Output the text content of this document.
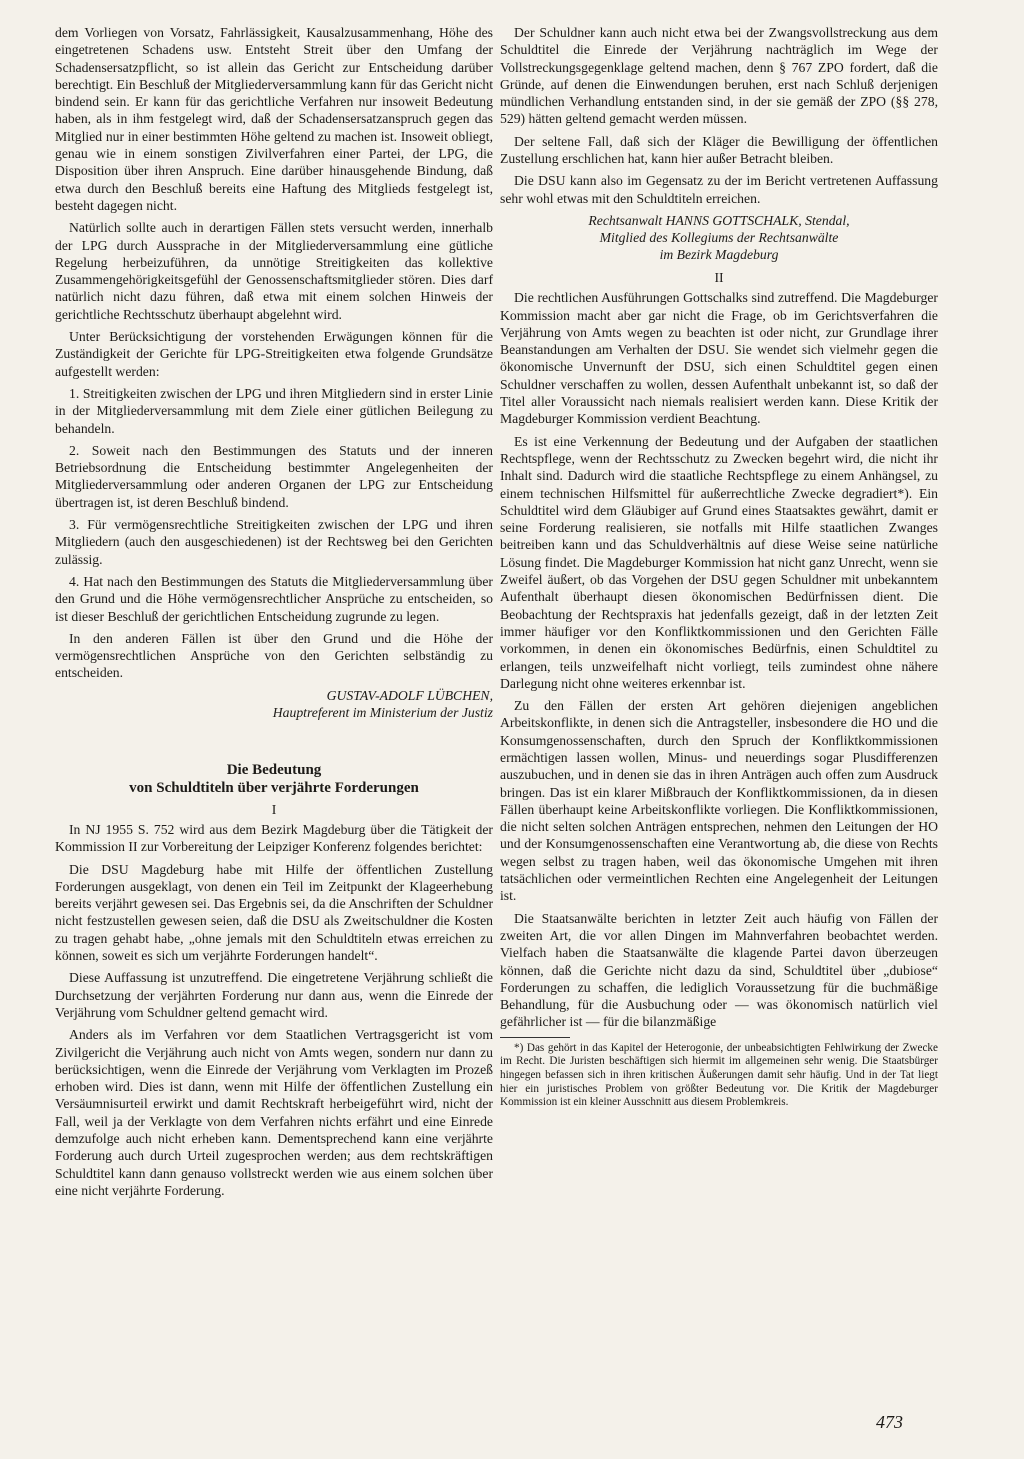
dem Vorliegen von Vorsatz, Fahrlässigkeit, Kausalzusammenhang, Höhe des eingetretenen Schadens usw. Entsteht Streit über den Umfang der Schadensersatzpflicht, so ist allein das Gericht zur Entscheidung darüber berechtigt. Ein Beschluß der Mitgliederversammlung kann für das Gericht nicht bindend sein. Er kann für das gerichtliche Verfahren nur insoweit Bedeutung haben, als in ihm festgelegt wird, daß der Schadensersatzanspruch gegen das Mitglied nur in einer bestimmten Höhe geltend zu machen ist. Insoweit obliegt, genau wie in einem sonstigen Zivilverfahren einer Partei, der LPG, die Disposition über ihren Anspruch. Eine darüber hinausgehende Bindung, daß etwa durch den Beschluß bereits eine Haftung des Mitglieds festgelegt ist, besteht dagegen nicht.

Natürlich sollte auch in derartigen Fällen stets versucht werden, innerhalb der LPG durch Aussprache in der Mitgliederversammlung eine gütliche Regelung herbeizuführen, da unnötige Streitigkeiten das kollektive Zusammengehörigkeitsgefühl der Genossenschaftsmitglieder stören. Dies darf natürlich nicht dazu führen, daß etwa mit einem solchen Hinweis der gerichtliche Rechtsschutz überhaupt abgelehnt wird.

Unter Berücksichtigung der vorstehenden Erwägungen können für die Zuständigkeit der Gerichte für LPG-Streitigkeiten etwa folgende Grundsätze aufgestellt werden:

1. Streitigkeiten zwischen der LPG und ihren Mitgliedern sind in erster Linie in der Mitgliederversammlung mit dem Ziele einer gütlichen Beilegung zu behandeln.

2. Soweit nach den Bestimmungen des Statuts und der inneren Betriebsordnung die Entscheidung bestimmter Angelegenheiten der Mitgliederversammlung oder anderen Organen der LPG zur Entscheidung übertragen ist, ist deren Beschluß bindend.

3. Für vermögensrechtliche Streitigkeiten zwischen der LPG und ihren Mitgliedern (auch den ausgeschiedenen) ist der Rechtsweg bei den Gerichten zulässig.

4. Hat nach den Bestimmungen des Statuts die Mitgliederversammlung über den Grund und die Höhe vermögensrechtlicher Ansprüche zu entscheiden, so ist dieser Beschluß der gerichtlichen Entscheidung zugrunde zu legen.

In den anderen Fällen ist über den Grund und die Höhe der vermögensrechtlichen Ansprüche von den Gerichten selbständig zu entscheiden.

GUSTAV-ADOLF LÜBCHEN,
Hauptreferent im Ministerium der Justiz
Die Bedeutung
von Schuldtiteln über verjährte Forderungen
I

In NJ 1955 S. 752 wird aus dem Bezirk Magdeburg über die Tätigkeit der Kommission II zur Vorbereitung der Leipziger Konferenz folgendes berichtet:

Die DSU Magdeburg habe mit Hilfe der öffentlichen Zustellung Forderungen ausgeklagt, von denen ein Teil im Zeitpunkt der Klageerhebung bereits verjährt gewesen sei. Das Ergebnis sei, da die Anschriften der Schuldner nicht festzustellen gewesen seien, daß die DSU als Zweitschuldner die Kosten zu tragen gehabt habe, „ohne jemals mit den Schuldtiteln etwas erreichen zu können, soweit es sich um verjährte Forderungen handelt“.

Diese Auffassung ist unzutreffend. Die eingetretene Verjährung schließt die Durchsetzung der verjährten Forderung nur dann aus, wenn die Einrede der Verjährung vom Schuldner geltend gemacht wird.

Anders als im Verfahren vor dem Staatlichen Vertragsgericht ist vom Zivilgericht die Verjährung auch nicht von Amts wegen, sondern nur dann zu berücksichtigen, wenn die Einrede der Verjährung vom Verklagten im Prozeß erhoben wird. Dies ist dann, wenn mit Hilfe der öffentlichen Zustellung ein Versäumnisurteil erwirkt und damit Rechtskraft herbeigeführt wird, nicht der Fall, weil ja der Verklagte von dem Verfahren nichts erfährt und eine Einrede demzufolge auch nicht erheben kann. Dementsprechend kann eine verjährte Forderung auch durch Urteil zugesprochen werden; aus dem rechtskräftigen Schuldtitel kann dann genauso vollstreckt werden wie aus einem solchen über eine nicht verjährte Forderung.

Der Schuldner kann auch nicht etwa bei der Zwangsvollstreckung aus dem Schuldtitel die Einrede der Verjährung nachträglich im Wege der Vollstreckungsgegenklage geltend machen, denn § 767 ZPO fordert, daß die Gründe, auf denen die Einwendungen beruhen, erst nach Schluß derjenigen mündlichen Verhandlung entstanden sind, in der sie gemäß der ZPO (§§ 278, 529) hätten geltend gemacht werden müssen.

Der seltene Fall, daß sich der Kläger die Bewilligung der öffentlichen Zustellung erschlichen hat, kann hier außer Betracht bleiben.

Die DSU kann also im Gegensatz zu der im Bericht vertretenen Auffassung sehr wohl etwas mit den Schuldtiteln erreichen.

Rechtsanwalt HANNS GOTTSCHALK, Stendal,
Mitglied des Kollegiums der Rechtsanwälte
im Bezirk Magdeburg
II

Die rechtlichen Ausführungen Gottschalks sind zutreffend. Die Magdeburger Kommission macht aber gar nicht die Frage, ob im Gerichtsverfahren die Verjährung von Amts wegen zu beachten ist oder nicht, zur Grundlage ihrer Beanstandungen am Verhalten der DSU. Sie wendet sich vielmehr gegen die ökonomische Unvernunft der DSU, sich einen Schuldtitel gegen einen Schuldner verschaffen zu wollen, dessen Aufenthalt unbekannt ist, so daß der Titel aller Voraussicht nach niemals realisiert werden kann. Diese Kritik der Magdeburger Kommission verdient Beachtung.

Es ist eine Verkennung der Bedeutung und der Aufgaben der staatlichen Rechtspflege, wenn der Rechtsschutz zu Zwecken begehrt wird, die nicht ihr Inhalt sind. Dadurch wird die staatliche Rechtspflege zu einem Anhängsel, zu einem technischen Hilfsmittel für außerrechtliche Zwecke degradiert*). Ein Schuldtitel wird dem Gläubiger auf Grund eines Staatsaktes gewährt, damit er seine Forderung realisieren, sie notfalls mit Hilfe staatlichen Zwanges beitreiben kann und das Schuldverhältnis auf diese Weise seine natürliche Lösung findet. Die Magdeburger Kommission hat nicht ganz Unrecht, wenn sie Zweifel äußert, ob das Vorgehen der DSU gegen Schuldner mit unbekanntem Aufenthalt überhaupt diesen ökonomischen Bedürfnissen dient. Die Beobachtung der Rechtspraxis hat jedenfalls gezeigt, daß in der letzten Zeit immer häufiger vor den Konfliktkommissionen und den Gerichten Fälle vorkommen, in denen ein ökonomisches Bedürfnis, einen Schuldtitel zu erlangen, teils unzweifelhaft nicht vorliegt, teils zumindest ohne nähere Darlegung nicht ohne weiteres erkennbar ist.

Zu den Fällen der ersten Art gehören diejenigen angeblichen Arbeitskonflikte, in denen sich die Antragsteller, insbesondere die HO und die Konsumgenossenschaften, durch den Spruch der Konfliktkommissionen ermächtigen lassen wollen, Minus- und neuerdings sogar Plusdifferenzen auszubuchen, und in denen sie das in ihren Anträgen auch offen zum Ausdruck bringen. Das ist ein klarer Mißbrauch der Konfliktkommissionen, da in diesen Fällen überhaupt keine Arbeitskonflikte vorliegen. Die Konfliktkommissionen, die nicht selten solchen Anträgen entsprechen, nehmen den Leitungen der HO und der Konsumgenossenschaften eine Verantwortung ab, die diese von Rechts wegen selbst zu tragen haben, weil das ökonomische Umgehen mit ihren tatsächlichen oder vermeintlichen Rechten eine Angelegenheit der Leitungen ist.

Die Staatsanwälte berichten in letzter Zeit auch häufig von Fällen der zweiten Art, die vor allen Dingen im Mahnverfahren beobachtet werden. Vielfach haben die Staatsanwälte die klagende Partei davon überzeugen können, daß die Gerichte nicht dazu da sind, Schuldtitel über „dubiose“ Forderungen zu schaffen, die lediglich Voraussetzung für die buchmäßige Behandlung, für die Ausbuchung oder — was ökonomisch natürlich viel gefährlicher ist — für die bilanzmäßige

*) Das gehört in das Kapitel der Heterogonie, der unbeabsichtigten Fehlwirkung der Zwecke im Recht. Die Juristen beschäftigen sich hiermit im allgemeinen sehr wenig. Die Staatsbürger hingegen befassen sich in ihren kritischen Äußerungen damit sehr häufig. Und in der Tat liegt hier ein juristisches Problem von größter Bedeutung vor. Die Kritik der Magdeburger Kommission ist ein kleiner Ausschnitt aus diesem Problemkreis.

473
